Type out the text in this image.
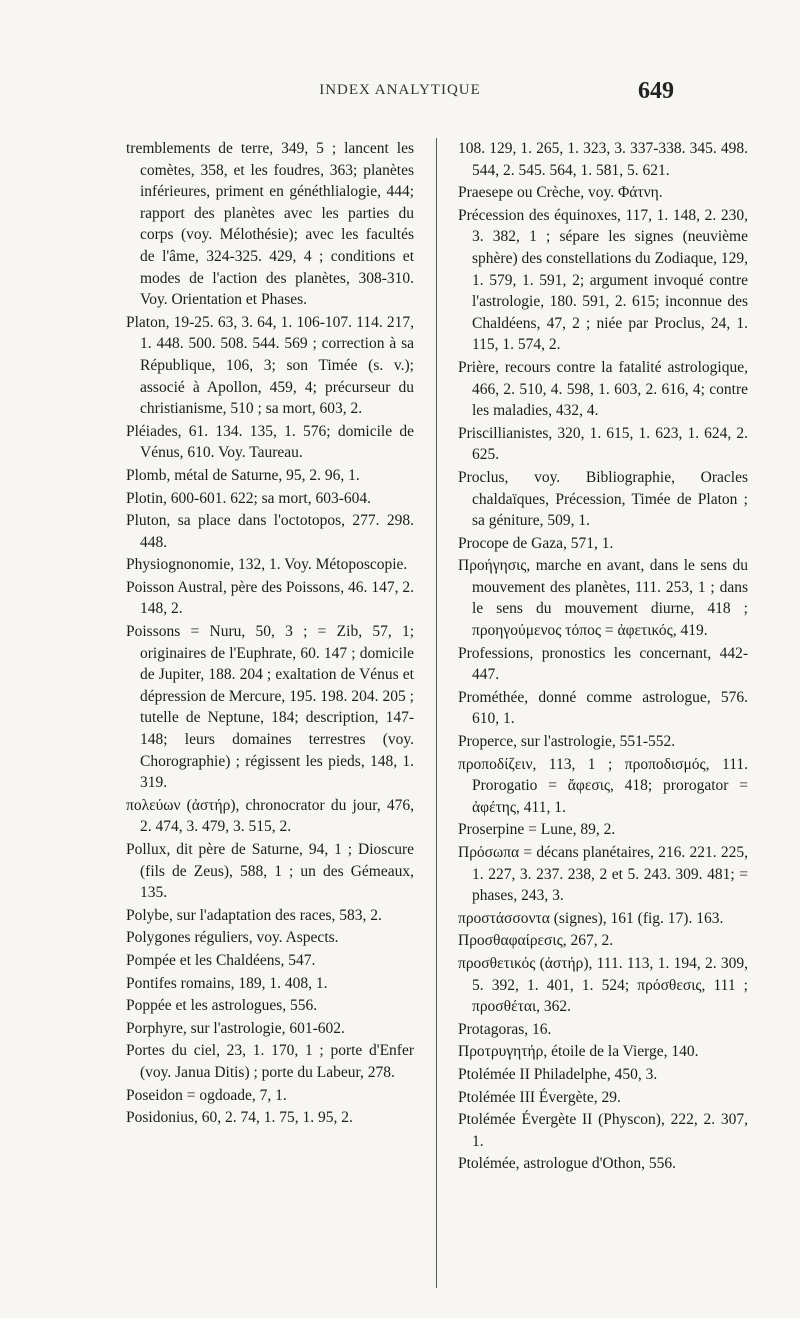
INDEX ANALYTIQUE	649

tremblements de terre, 349, 5 ; lancent les comètes, 358, et les foudres, 363; planètes inférieures, priment en généthlialogie, 444; rapport des planètes avec les parties du corps (voy. Mélothésie); avec les facultés de l'âme, 324-325. 429, 4 ; conditions et modes de l'action des planètes, 308-310. Voy. Orientation et Phases.

Platon, 19-25. 63, 3. 64, 1. 106-107. 114. 217, 1. 448. 500. 508. 544. 569 ; correction à sa République, 106, 3; son Timée (s. v.); associé à Apollon, 459, 4; précurseur du christianisme, 510 ; sa mort, 603, 2.

Pléiades, 61. 134. 135, 1. 576; domicile de Vénus, 610. Voy. Taureau.

Plomb, métal de Saturne, 95, 2. 96, 1.

Plotin, 600-601. 622; sa mort, 603-604.

Pluton, sa place dans l'octotopos, 277. 298. 448.

Physiognonomie, 132, 1. Voy. Métoposcopie.

Poisson Austral, père des Poissons, 46. 147, 2. 148, 2.

Poissons = Nuru, 50, 3 ; = Zib, 57, 1; originaires de l'Euphrate, 60. 147 ; domicile de Jupiter, 188. 204 ; exaltation de Vénus et dépression de Mercure, 195. 198. 204. 205 ; tutelle de Neptune, 184; description, 147-148; leurs domaines terrestres (voy. Chorographie) ; régissent les pieds, 148, 1. 319.

πολεύων (ἀστήρ), chronocrator du jour, 476, 2. 474, 3. 479, 3. 515, 2.

Pollux, dit père de Saturne, 94, 1 ; Dioscure (fils de Zeus), 588, 1 ; un des Gémeaux, 135.

Polybe, sur l'adaptation des races, 583, 2.

Polygones réguliers, voy. Aspects.

Pompée et les Chaldéens, 547.

Pontifes romains, 189, 1. 408, 1.

Poppée et les astrologues, 556.

Porphyre, sur l'astrologie, 601-602.

Portes du ciel, 23, 1. 170, 1 ; porte d'Enfer (voy. Janua Ditis) ; porte du Labeur, 278.

Poseidon = ogdoade, 7, 1.

Posidonius, 60, 2. 74, 1. 75, 1. 95, 2.

108. 129, 1. 265, 1. 323, 3. 337-338. 345. 498. 544, 2. 545. 564, 1. 581, 5. 621.

Praesepe ou Crèche, voy. Φάτνη.

Précession des équinoxes, 117, 1. 148, 2. 230, 3. 382, 1 ; sépare les signes (neuvième sphère) des constellations du Zodiaque, 129, 1. 579, 1. 591, 2; argument invoqué contre l'astrologie, 180. 591, 2. 615; inconnue des Chaldéens, 47, 2 ; niée par Proclus, 24, 1. 115, 1. 574, 2.

Prière, recours contre la fatalité astrologique, 466, 2. 510, 4. 598, 1. 603, 2. 616, 4; contre les maladies, 432, 4.

Priscillianistes, 320, 1. 615, 1. 623, 1. 624, 2. 625.

Proclus, voy. Bibliographie, Oracles chaldaïques, Précession, Timée de Platon ; sa géniture, 509, 1.

Procope de Gaza, 571, 1.

Προήγησις, marche en avant, dans le sens du mouvement des planètes, 111. 253, 1 ; dans le sens du mouvement diurne, 418 ; προηγούμενος τόπος = ἀφετικός, 419.

Professions, pronostics les concernant, 442-447.

Prométhée, donné comme astrologue, 576. 610, 1.

Properce, sur l'astrologie, 551-552.

προποδίζειν, 113, 1 ; προποδισμός, 111. Prorogatio = ἄφεσις, 418; prorogator = ἀφέτης, 411, 1.

Proserpine = Lune, 89, 2.

Πρόσωπα = décans planétaires, 216. 221. 225, 1. 227, 3. 237. 238, 2 et 5. 243. 309. 481; = phases, 243, 3.

προστάσσοντα (signes), 161 (fig. 17). 163.

Προσθαφαίρεσις, 267, 2.

προσθετικός (ἀστήρ), 111. 113, 1. 194, 2. 309, 5. 392, 1. 401, 1. 524; πρόσθεσις, 111 ; προσθέται, 362.

Protagoras, 16.

Προτρυγητήρ, étoile de la Vierge, 140.

Ptolémée II Philadelphe, 450, 3.

Ptolémée III Évergète, 29.

Ptolémée Évergète II (Physcon), 222, 2. 307, 1.

Ptolémée, astrologue d'Othon, 556.
